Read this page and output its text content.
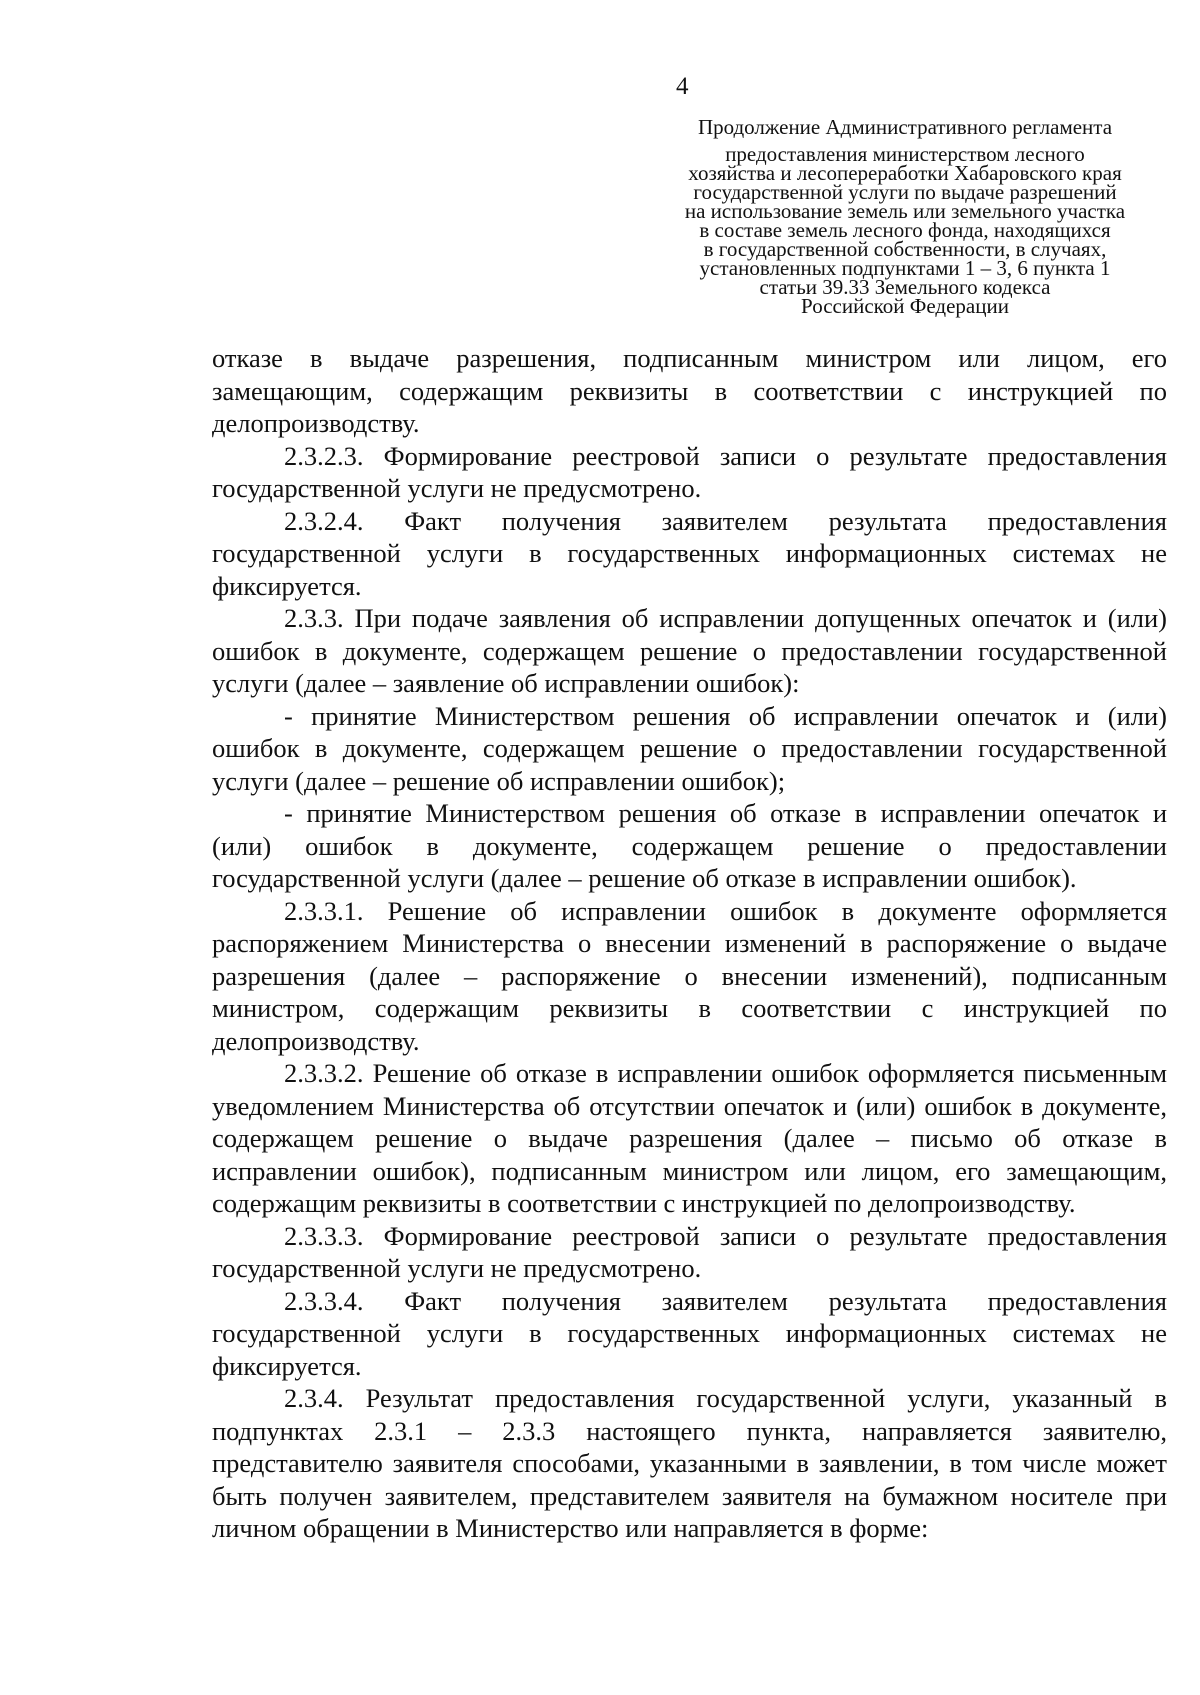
4
Продолжение Административного регламента
предоставления министерством лесного
хозяйства и лесопереработки Хабаровского края
государственной услуги по выдаче разрешений
на использование земель или земельного участка
в составе земель лесного фонда, находящихся
в государственной собственности, в случаях,
установленных подпунктами 1 – 3, 6 пункта 1
статьи 39.33 Земельного кодекса
Российской Федерации

отказе в выдаче разрешения, подписанным министром или лицом, его замещающим, содержащим реквизиты в соответствии с инструкцией по делопроизводству.

2.3.2.3. Формирование реестровой записи о результате предоставления государственной услуги не предусмотрено.

2.3.2.4. Факт получения заявителем результата предоставления государственной услуги в государственных информационных системах не фиксируется.

2.3.3. При подаче заявления об исправлении допущенных опечаток и (или) ошибок в документе, содержащем решение о предоставлении государственной услуги (далее – заявление об исправлении ошибок):

- принятие Министерством решения об исправлении опечаток и (или) ошибок в документе, содержащем решение о предоставлении государственной услуги (далее – решение об исправлении ошибок);

- принятие Министерством решения об отказе в исправлении опечаток и (или) ошибок в документе, содержащем решение о предоставлении государственной услуги (далее – решение об отказе в исправлении ошибок).

2.3.3.1. Решение об исправлении ошибок в документе оформляется распоряжением Министерства о внесении изменений в распоряжение о выдаче разрешения (далее – распоряжение о внесении изменений), подписанным министром, содержащим реквизиты в соответствии с инструкцией по делопроизводству.

2.3.3.2. Решение об отказе в исправлении ошибок оформляется письменным уведомлением Министерства об отсутствии опечаток и (или) ошибок в документе, содержащем решение о выдаче разрешения (далее – письмо об отказе в исправлении ошибок), подписанным министром или лицом, его замещающим, содержащим реквизиты в соответствии с инструкцией по делопроизводству.

2.3.3.3. Формирование реестровой записи о результате предоставления государственной услуги не предусмотрено.

2.3.3.4. Факт получения заявителем результата предоставления государственной услуги в государственных информационных системах не фиксируется.

2.3.4. Результат предоставления государственной услуги, указанный в подпунктах 2.3.1 – 2.3.3 настоящего пункта, направляется заявителю, представителю заявителя способами, указанными в заявлении, в том числе может быть получен заявителем, представителем заявителя на бумажном носителе при личном обращении в Министерство или направляется в форме:
